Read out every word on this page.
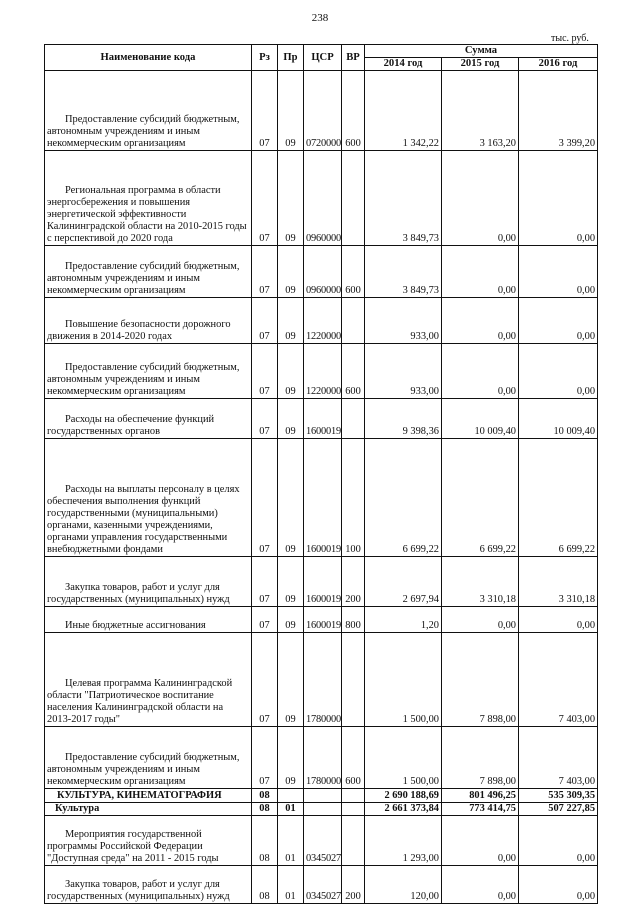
238
тыс. руб.
Наименование кода	Рз	Пр	ЦСР	ВР	Сумма		
					2014 год	2015 год	2016 год

Предоставление субсидий бюджетным, автономным учреждениям и иным некоммерческим организациям	07	09	0720000	600	1 342,22	3 163,20	3 399,20

Региональная программа в области энергосбережения и повышения энергетической эффективности Калининградской области на 2010-2015 годы с перспективой до 2020 года	07	09	0960000		3 849,73	0,00	0,00

Предоставление субсидий бюджетным, автономным учреждениям и иным некоммерческим организациям	07	09	0960000	600	3 849,73	0,00	0,00

Повышение безопасности дорожного движения в 2014-2020 годах	07	09	1220000		933,00	0,00	0,00

Предоставление субсидий бюджетным, автономным учреждениям и иным некоммерческим организациям	07	09	1220000	600	933,00	0,00	0,00

Расходы на обеспечение функций государственных органов	07	09	1600019		9 398,36	10 009,40	10 009,40

Расходы на выплаты персоналу в целях обеспечения выполнения функций государственными (муниципальными) органами, казенными учреждениями, органами управления государственными внебюджетными фондами	07	09	1600019	100	6 699,22	6 699,22	6 699,22

Закупка товаров, работ и услуг для государственных (муниципальных) нужд	07	09	1600019	200	2 697,94	3 310,18	3 310,18

Иные бюджетные ассигнования	07	09	1600019	800	1,20	0,00	0,00

Целевая программа Калининградской области "Патриотическое воспитание населения Калининградской области на 2013-2017 годы"	07	09	1780000		1 500,00	7 898,00	7 403,00

Предоставление субсидий бюджетным, автономным учреждениям и иным некоммерческим организациям	07	09	1780000	600	1 500,00	7 898,00	7 403,00

КУЛЬТУРА, КИНЕМАТОГРАФИЯ	08				2 690 188,69	801 496,25	535 309,35

Культура	08	01			2 661 373,84	773 414,75	507 227,85

Мероприятия государственной программы Российской Федерации "Доступная среда" на 2011 - 2015 годы	08	01	0345027		1 293,00	0,00	0,00

Закупка товаров, работ и услуг для государственных (муниципальных) нужд	08	01	0345027	200	120,00	0,00	0,00
